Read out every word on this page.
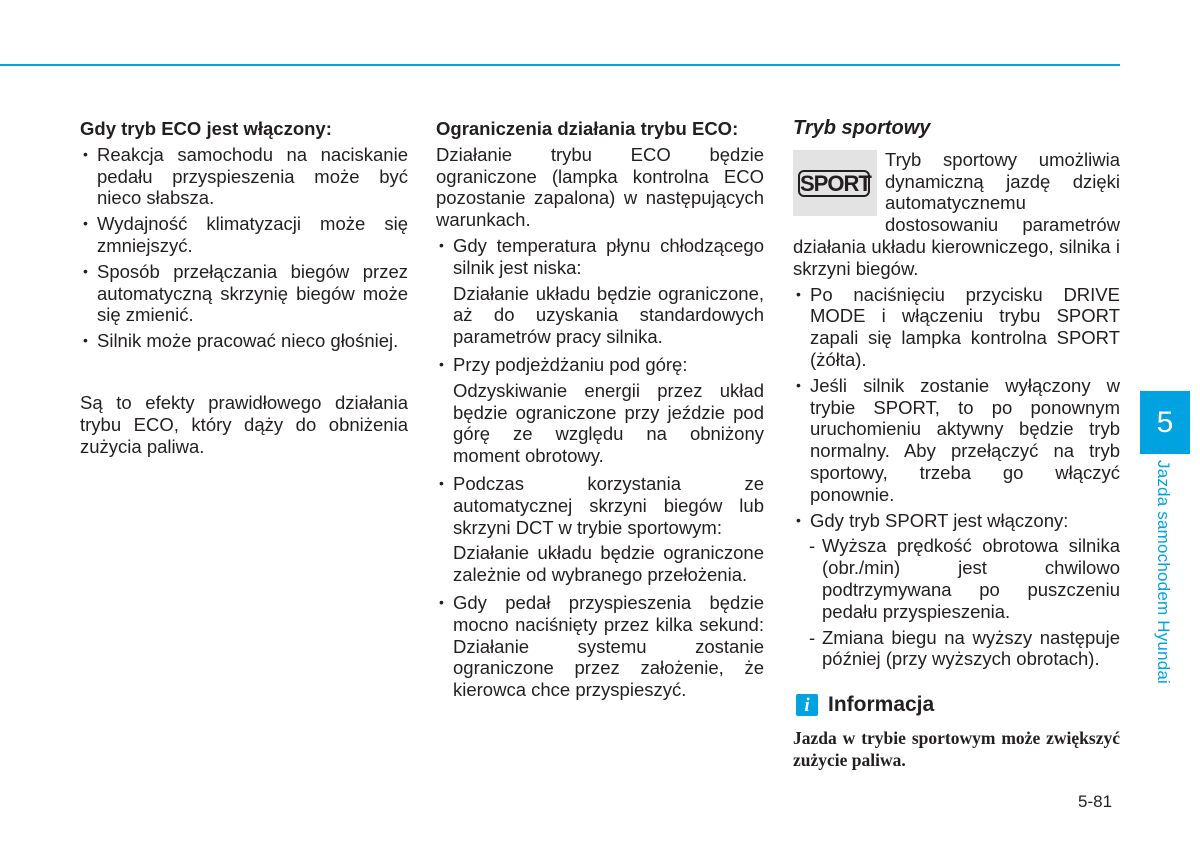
Gdy tryb ECO jest włączony:

• Reakcja samochodu na naciskanie pedału przyspieszenia może być nieco słabsza.
• Wydajność klimatyzacji może się zmniejszyć.
• Sposób przełączania biegów przez automatyczną skrzynię biegów może się zmienić.
• Silnik może pracować nieco głośniej.

Są to efekty prawidłowego działania trybu ECO, który dąży do obniżenia zużycia paliwa.

Ograniczenia działania trybu ECO:

Działanie trybu ECO będzie ograniczone (lampka kontrolna ECO pozostanie zapalona) w następujących warunkach.

• Gdy temperatura płynu chłodzącego silnik jest niska:
Działanie układu będzie ograniczone, aż do uzyskania standardowych parametrów pracy silnika.
• Przy podjeżdżaniu pod górę:
Odzyskiwanie energii przez układ będzie ograniczone przy jeździe pod górę ze względu na obniżony moment obrotowy.
• Podczas korzystania ze automatycznej skrzyni biegów lub skrzyni DCT w trybie sportowym:
Działanie układu będzie ograniczone zależnie od wybranego przełożenia.
• Gdy pedał przyspieszenia będzie mocno naciśnięty przez kilka sekund: Działanie systemu zostanie ograniczone przez założenie, że kierowca chce przyspieszyć.

Tryb sportowy

SPORT

Tryb sportowy umożliwia dynamiczną jazdę dzięki automatycznemu dostosowaniu parametrów działania układu kierowniczego, silnika i skrzyni biegów.

• Po naciśnięciu przycisku DRIVE MODE i włączeniu trybu SPORT zapali się lampka kontrolna SPORT (żółta).
• Jeśli silnik zostanie wyłączony w trybie SPORT, to po ponownym uruchomieniu aktywny będzie tryb normalny. Aby przełączyć na tryb sportowy, trzeba go włączyć ponownie.
• Gdy tryb SPORT jest włączony:
- Wyższa prędkość obrotowa silnika (obr./min) jest chwilowo podtrzymywana po puszczeniu pedału przyspieszenia.
- Zmiana biegu na wyższy następuje później (przy wyższych obrotach).
i Informacja

Jazda w trybie sportowym może zwiększyć zużycie paliwa.

5
Jazda samochodem Hyundai
5-81
